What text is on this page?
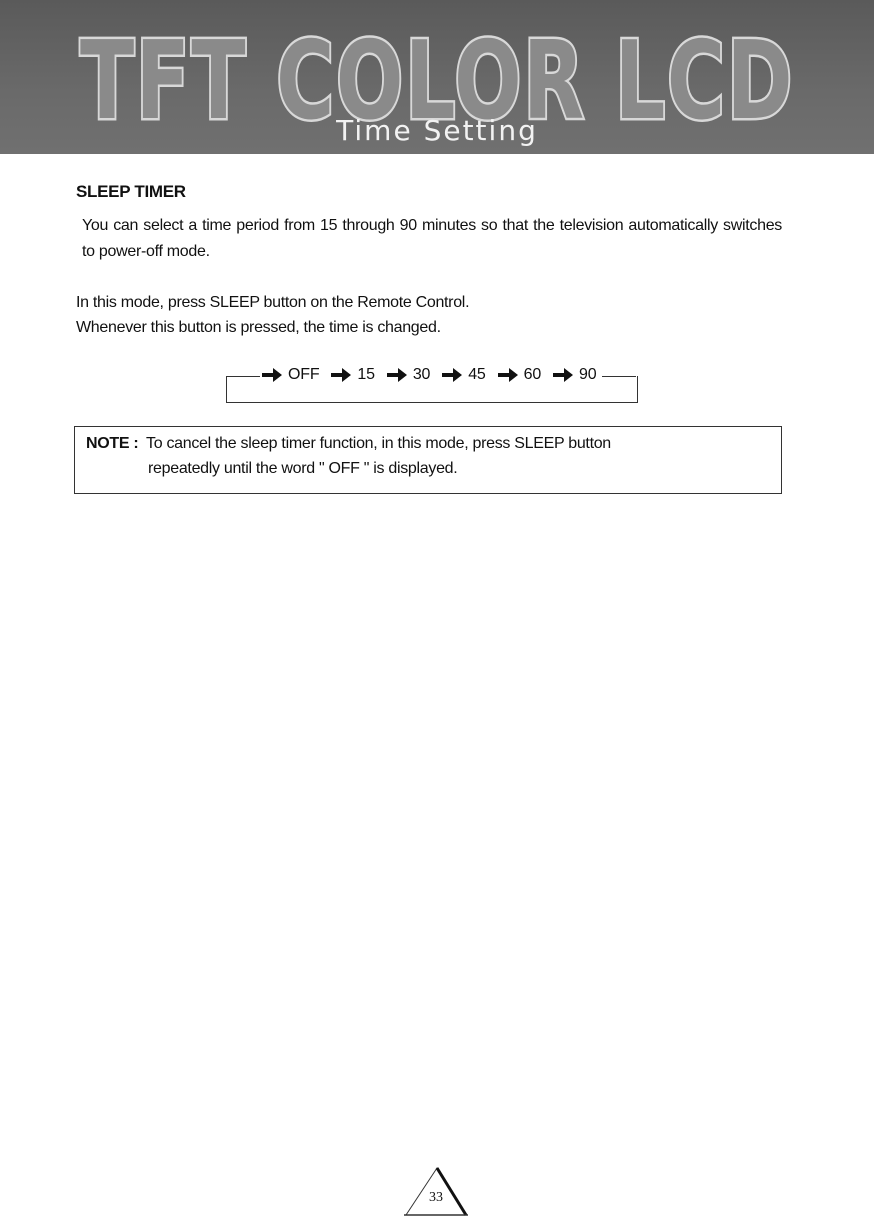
TFT COLOR LCD
Time Setting
SLEEP TIMER
You can select a time period from 15 through 90 minutes so that the television automatically switches to power-off mode.
In this mode, press SLEEP button on the Remote Control.
Whenever this button is pressed, the time is changed.
OFF 15 30 45 60 90
NOTE : To cancel the sleep timer function, in this mode, press SLEEP button
repeatedly until the word " OFF " is displayed.
33
